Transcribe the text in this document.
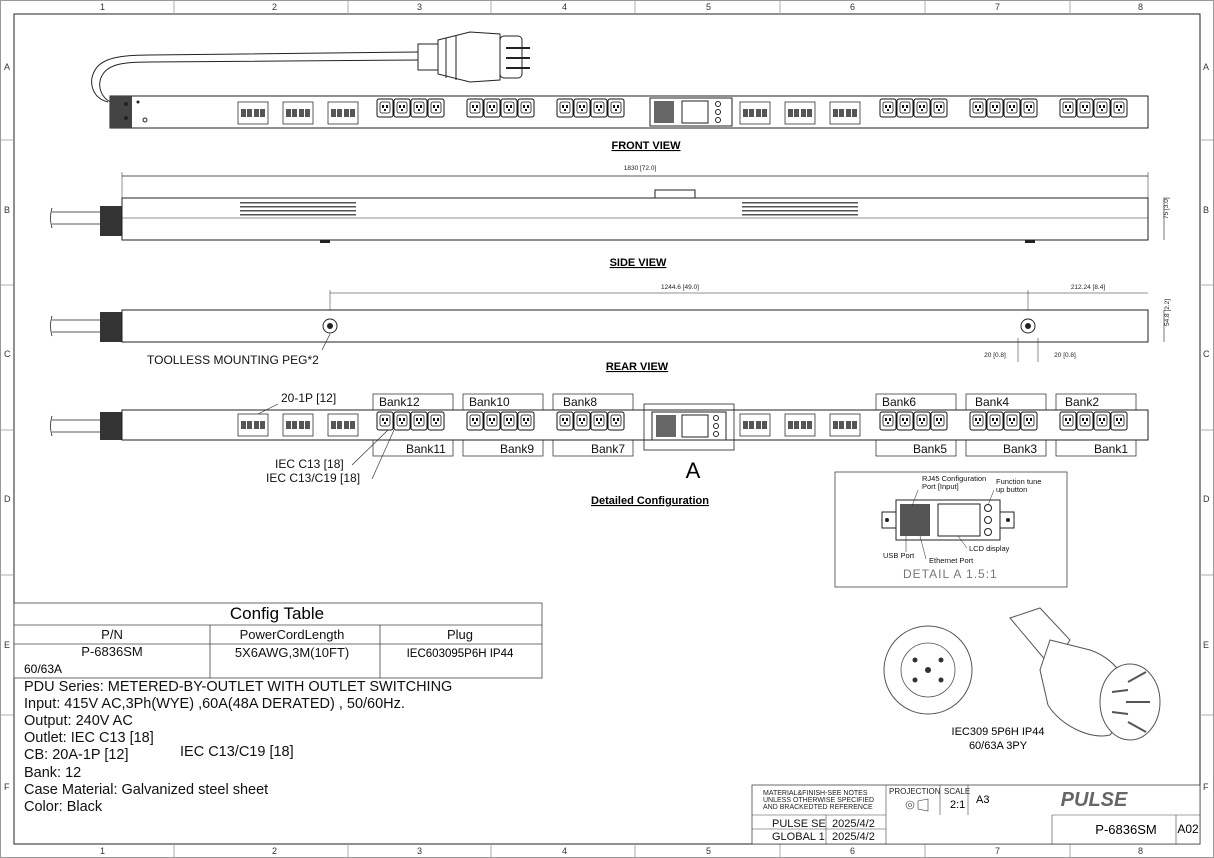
1	2	3	4	5	6	7	8
1	2	3	4	5	6	7	8
A
B
C
D
E
F
A
B
C
D
E
F
FRONT VIEW
1830 [72.0]
75 [3.0]
SIDE VIEW
1244.6 [49.0]	212.24 [8.4]
54.8 [2.2]
20 [0.8]	20 [0.8]
TOOLLESS MOUNTING PEG*2	REAR VIEW
Bank12	Bank10	Bank8	Bank6	Bank4	Bank2
Bank11	Bank9	Bank7	Bank5	Bank3	Bank1
20-1P [12]
IEC C13 [18]
IEC C13/C19 [18]	A
Detailed Configuration
RJ45 Configuration Port [Input]
Function tune up button
LCD display
USB Port
Ethernet Port
DETAIL A 1.5:1
Config Table
P/N	PowerCordLength	Plug
P-6836SM	5X6AWG,3M(10FT)	IEC603095P6H IP44
60/63A
PDU Series: METERED-BY-OUTLET WITH OUTLET SWITCHING
Input: 415V AC,3Ph(WYE) ,60A(48A DERATED) , 50/60Hz.
Output: 240V AC
Outlet: IEC C13 [18]
CB: 20A-1P [12]
Bank: 12
Case Material: Galvanized steel sheet
Color: Black
IEC C13/C19 [18]
IEC309 5P6H IP44
60/63A 3PY
MATERIAL&FINISH-SEE NOTES
UNLESS OTHERWISE SPECIFIED
AND BRACKEDTED REFERENCE
PROJECTION SCALE
2:1 A3	PULSE
PULSE SE 2025/4/2
GLOBAL 1 2025/4/2	P-6836SM A02
